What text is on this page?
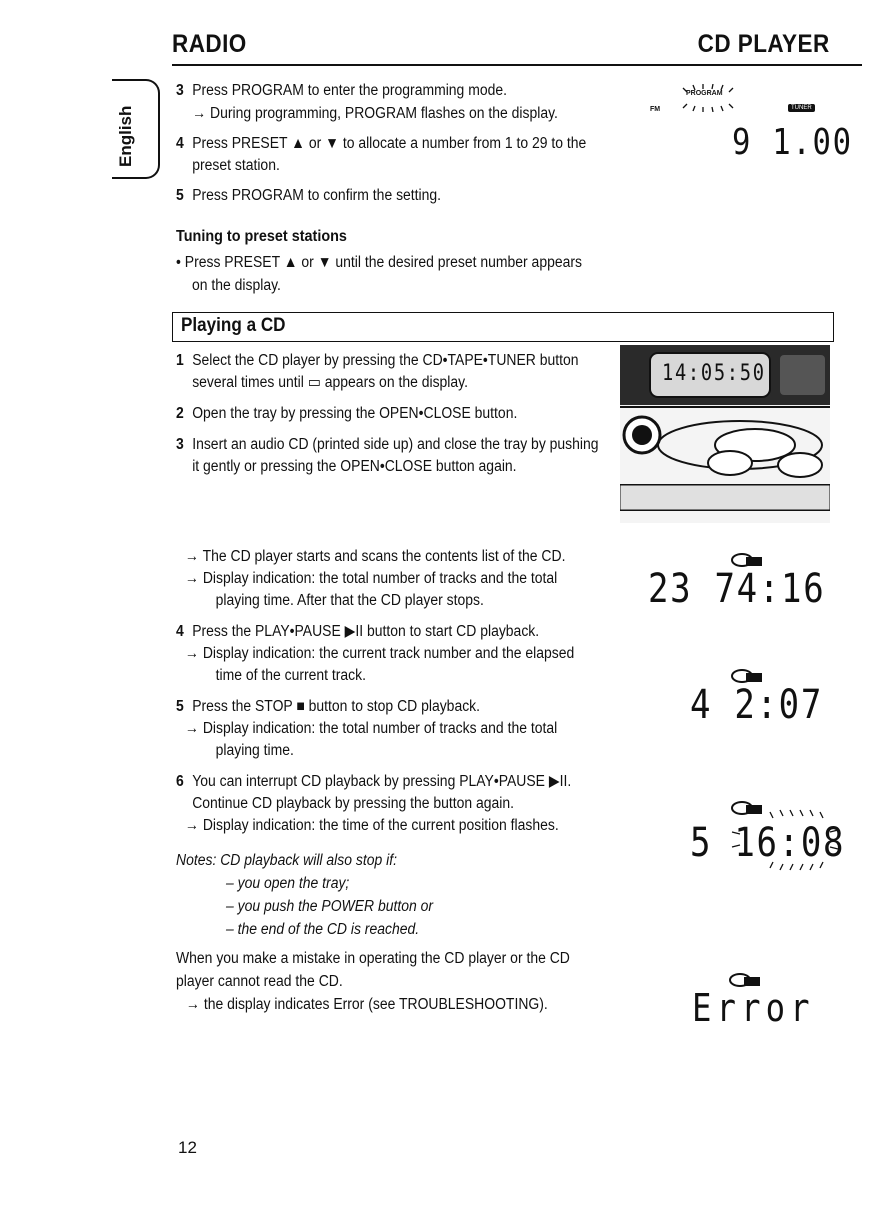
RADIO	CD PLAYER
English
3 Press PROGRAM to enter the programming mode.
→ During programming, PROGRAM flashes on the display.
4 Press PRESET ▲ or ▼ to allocate a number from 1 to 29 to the
preset station.
5 Press PROGRAM to confirm the setting.
Tuning to preset stations
• Press PRESET ▲ or ▼ until the desired preset number appears
on the display.
FM
PROGRAM
TUNER
9 1.00
Playing a CD
1 Select the CD player by pressing the CD•TAPE•TUNER button
several times until ▭ appears on the display.
2 Open the tray by pressing the OPEN•CLOSE button.
3 Insert an audio CD (printed side up) and close the tray by pushing
it gently or pressing the OPEN•CLOSE button again.
→ The CD player starts and scans the contents list of the CD.
→ Display indication: the total number of tracks and the total
playing time. After that the CD player stops.
4 Press the PLAY•PAUSE ▶II button to start CD playback.
→ Display indication: the current track number and the elapsed
time of the current track.
5 Press the STOP ■ button to stop CD playback.
→ Display indication: the total number of tracks and the total
playing time.
6 You can interrupt CD playback by pressing PLAY•PAUSE ▶II.
Continue CD playback by pressing the button again.
→ Display indication: the time of the current position flashes.
Notes: CD playback will also stop if:
– you open the tray;
– you push the POWER button or
– the end of the CD is reached.
When you make a mistake in operating the CD player or the CD
player cannot read the CD.
→ the display indicates Error (see TROUBLESHOOTING).
14:05:50
23 74:16
4 2:07
5 16:08
Error
12
